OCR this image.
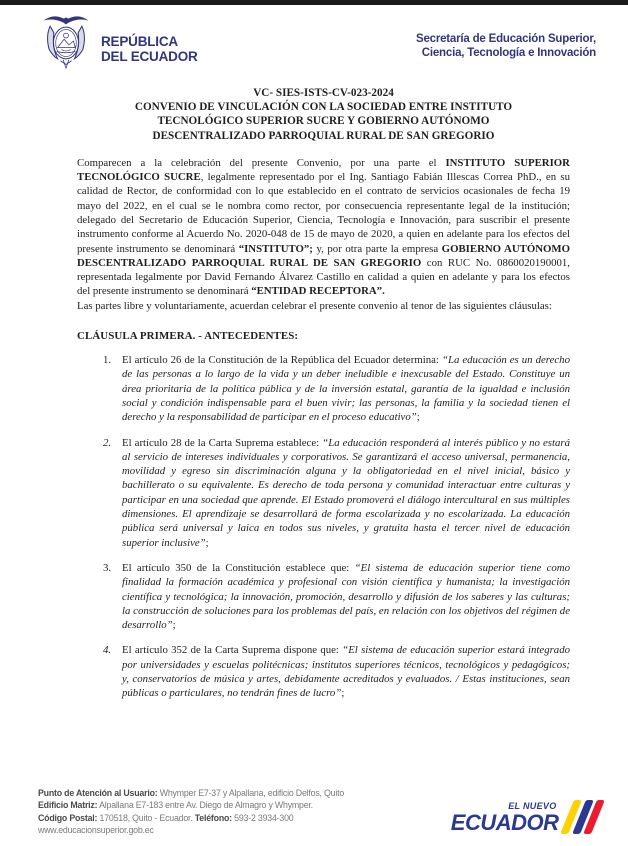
REPÚBLICA
DEL ECUADOR
Secretaría de Educación Superior,
Ciencia, Tecnología e Innovación
VC- SIES-ISTS-CV-023-2024
CONVENIO DE VINCULACIÓN CON LA SOCIEDAD ENTRE INSTITUTO
TECNOLÓGICO SUPERIOR SUCRE Y GOBIERNO AUTÓNOMO
DESCENTRALIZADO PARROQUIAL RURAL DE SAN GREGORIO

Comparecen a la celebración del presente Convenio, por una parte el INSTITUTO SUPERIOR TECNOLÓGICO SUCRE, legalmente representado por el Ing. Santiago Fabián Illescas Correa PhD., en su calidad de Rector, de conformidad con lo que establecido en el contrato de servicios ocasionales de fecha 19 mayo del 2022, en el cual se le nombra como rector, por consecuencia representante legal de la institución; delegado del Secretario de Educación Superior, Ciencia, Tecnología e Innovación, para suscribir el presente instrumento conforme al Acuerdo No. 2020-048 de 15 de mayo de 2020, a quien en adelante para los efectos del presente instrumento se denominará “INSTITUTO”; y, por otra parte la empresa GOBIERNO AUTÓNOMO DESCENTRALIZADO PARROQUIAL RURAL DE SAN GREGORIO con RUC No. 0860020190001, representada legalmente por David Fernando Álvarez Castillo en calidad a quien en adelante y para los efectos del presente instrumento se denominará “ENTIDAD RECEPTORA”.

Las partes libre y voluntariamente, acuerdan celebrar el presente convenio al tenor de las siguientes cláusulas:

CLÁUSULA PRIMERA. - ANTECEDENTES:
1. El artículo 26 de la Constitución de la República del Ecuador determina: “La educación es un derecho de las personas a lo largo de la vida y un deber ineludible e inexcusable del Estado. Constituye un área prioritaria de la política pública y de la inversión estatal, garantía de la igualdad e inclusión social y condición indispensable para el buen vivir; las personas, la familia y la sociedad tienen el derecho y la responsabilidad de participar en el proceso educativo”;

2. El artículo 28 de la Carta Suprema establece: “La educación responderá al interés público y no estará al servicio de intereses individuales y corporativos. Se garantizará el acceso universal, permanencia, movilidad y egreso sin discriminación alguna y la obligatoriedad en el nivel inicial, básico y bachillerato o su equivalente. Es derecho de toda persona y comunidad interactuar entre culturas y participar en una sociedad que aprende. El Estado promoverá el diálogo intercultural en sus múltiples dimensiones. El aprendizaje se desarrollará de forma escolarizada y no escolarizada. La educación pública será universal y laica en todos sus niveles, y gratuita hasta el tercer nivel de educación superior inclusive”;

3. El artículo 350 de la Constitución establece que: “El sistema de educación superior tiene como finalidad la formación académica y profesional con visión científica y humanista; la investigación científica y tecnológica; la innovación, promoción, desarrollo y difusión de los saberes y las culturas; la construcción de soluciones para los problemas del país, en relación con los objetivos del régimen de desarrollo”;

4. El artículo 352 de la Carta Suprema dispone que: “El sistema de educación superior estará integrado por universidades y escuelas politécnicas; institutos superiores técnicos, tecnológicos y pedagógicos; y, conservatorios de música y artes, debidamente acreditados y evaluados. / Estas instituciones, sean públicas o particulares, no tendrán fines de lucro”;

Punto de Atención al Usuario: Whymper E7-37 y Alpallana, edificio Delfos, Quito
Edificio Matriz: Alpallana E7-183 entre Av. Diego de Almagro y Whymper.
Código Postal: 170518, Quito - Ecuador. Teléfono: 593-2 3934-300
www.educacionsuperior.gob.ec
EL NUEVO
ECUADOR
